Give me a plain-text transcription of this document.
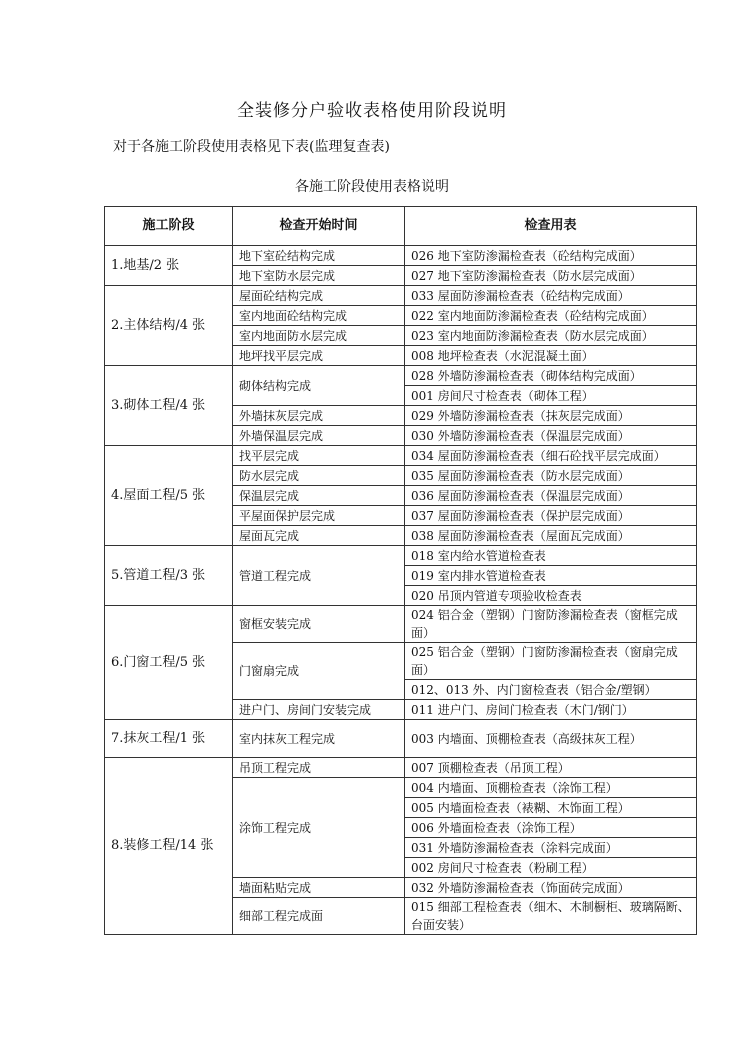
全装修分户验收表格使用阶段说明
对于各施工阶段使用表格见下表(监理复查表)
各施工阶段使用表格说明
施工阶段	检查开始时间	检查用表
1.地基/2 张	地下室砼结构完成	026 地下室防渗漏检查表（砼结构完成面）
	地下室防水层完成	027 地下室防渗漏检查表（防水层完成面）
2.主体结构/4 张	屋面砼结构完成	033 屋面防渗漏检查表（砼结构完成面）
	室内地面砼结构完成	022 室内地面防渗漏检查表（砼结构完成面）
	室内地面防水层完成	023 室内地面防渗漏检查表（防水层完成面）
	地坪找平层完成	008 地坪检查表（水泥混凝土面）
3.砌体工程/4 张	砌体结构完成	028 外墙防渗漏检查表（砌体结构完成面）
		001 房间尺寸检查表（砌体工程）
	外墙抹灰层完成	029 外墙防渗漏检查表（抹灰层完成面）
	外墙保温层完成	030 外墙防渗漏检查表（保温层完成面）
4.屋面工程/5 张	找平层完成	034 屋面防渗漏检查表（细石砼找平层完成面）
	防水层完成	035 屋面防渗漏检查表（防水层完成面）
	保温层完成	036 屋面防渗漏检查表（保温层完成面）
	平屋面保护层完成	037 屋面防渗漏检查表（保护层完成面）
	屋面瓦完成	038 屋面防渗漏检查表（屋面瓦完成面）
5.管道工程/3 张	管道工程完成	018 室内给水管道检查表
		019 室内排水管道检查表
		020 吊顶内管道专项验收检查表
6.门窗工程/5 张	窗框安装完成	024 铝合金（塑钢）门窗防渗漏检查表（窗框完成面）
	门窗扇完成	025 铝合金（塑钢）门窗防渗漏检查表（窗扇完成面）
		012、013 外、内门窗检查表（铝合金/塑钢）
	进户门、房间门安装完成	011 进户门、房间门检查表（木门/钢门）
7.抹灰工程/1 张	室内抹灰工程完成	003 内墙面、顶棚检查表（高级抹灰工程）
8.装修工程/14 张	吊顶工程完成	007 顶棚检查表（吊顶工程）
	涂饰工程完成	004 内墙面、顶棚检查表（涂饰工程）
		005 内墙面检查表（裱糊、木饰面工程）
		006 外墙面检查表（涂饰工程）
		031 外墙防渗漏检查表（涂料完成面）
		002 房间尺寸检查表（粉刷工程）
	墙面粘贴完成	032 外墙防渗漏检查表（饰面砖完成面）
	细部工程完成面	015 细部工程检查表（细木、木制橱柜、玻璃隔断、台面安装）
